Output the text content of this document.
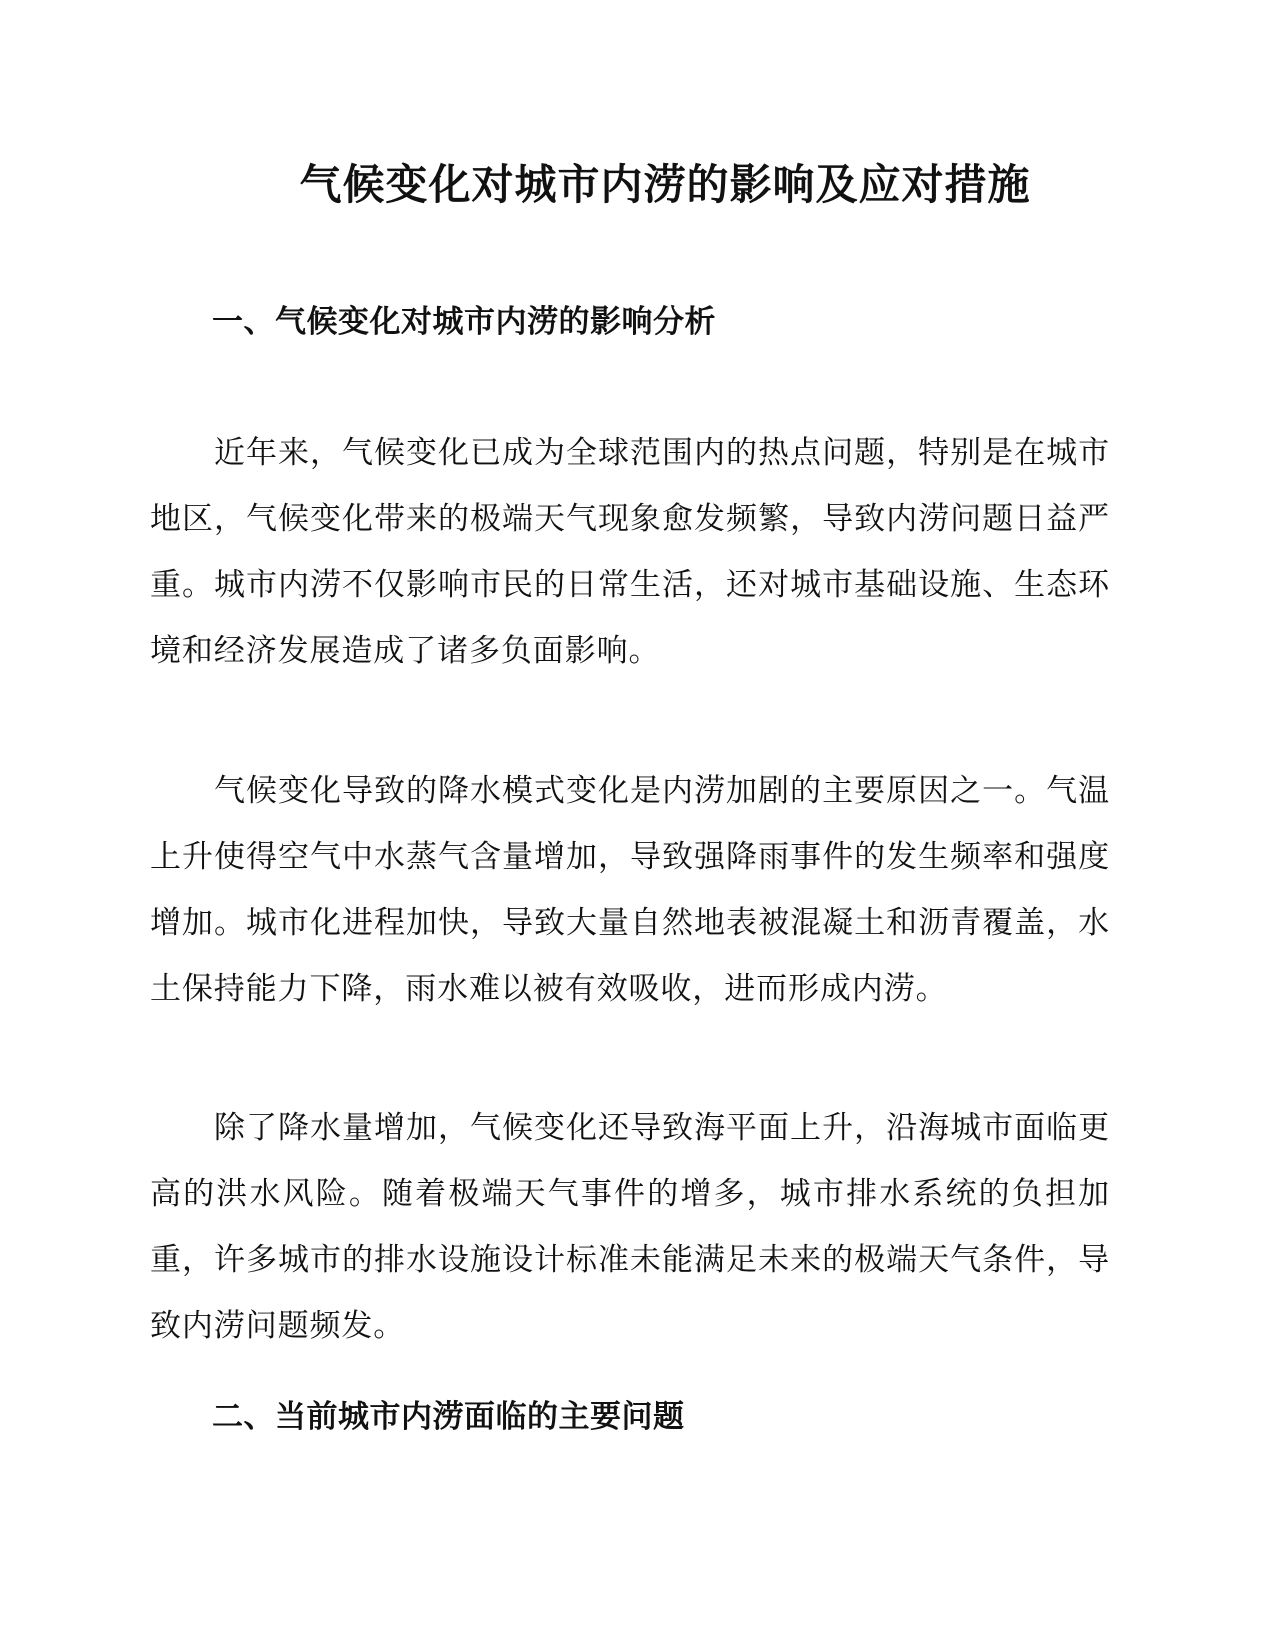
气候变化对城市内涝的影响及应对措施
一、气候变化对城市内涝的影响分析

近年来，气候变化已成为全球范围内的热点问题，特别是在城市地区，气候变化带来的极端天气现象愈发频繁，导致内涝问题日益严重。城市内涝不仅影响市民的日常生活，还对城市基础设施、生态环境和经济发展造成了诸多负面影响。

气候变化导致的降水模式变化是内涝加剧的主要原因之一。气温上升使得空气中水蒸气含量增加，导致强降雨事件的发生频率和强度增加。城市化进程加快，导致大量自然地表被混凝土和沥青覆盖，水土保持能力下降，雨水难以被有效吸收，进而形成内涝。

除了降水量增加，气候变化还导致海平面上升，沿海城市面临更高的洪水风险。随着极端天气事件的增多，城市排水系统的负担加重，许多城市的排水设施设计标准未能满足未来的极端天气条件，导致内涝问题频发。

二、当前城市内涝面临的主要问题
